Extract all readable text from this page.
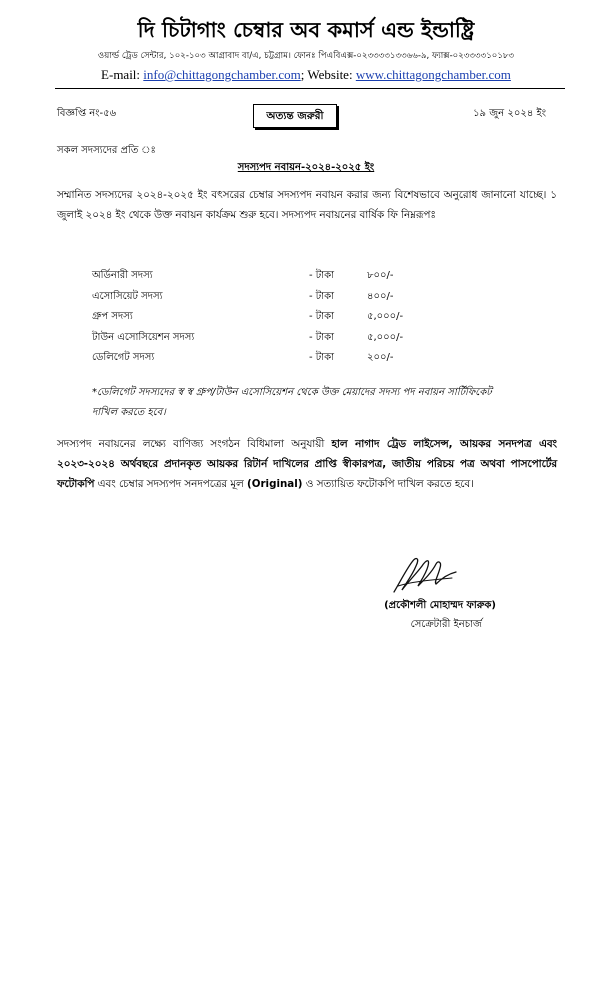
দি চিটাগাং চেম্বার অব কমার্স এন্ড ইন্ডাষ্ট্রি
ওয়ার্ল্ড ট্রেড সেন্টার, ১০২-১০৩ আগ্রাবাদ বা/এ, চট্টগ্রাম। ফোনঃ পিএবিএক্স-০২৩৩৩৩১৩৩৬৬-৯, ফ্যাক্স-০২৩৩৩৩১০১৮৩
E-mail: info@chittagongchamber.com; Website: www.chittagongchamber.com
বিজ্ঞপ্তি নং-৫৬	অত্যন্ত জরুরী	১৯ জুন ২০২৪ ইং
সকল সদস্যদের প্রতি ঃ
সদস্যপদ নবায়ন-২০২৪-২০২৫ ইং
সম্মানিত সদস্যদের ২০২৪-২০২৫ ইং বৎসরের চেম্বার সদস্যপদ নবায়ন করার জন্য বিশেষভাবে অনুরোধ জানানো যাচ্ছে। ১ জুলাই ২০২৪ ইং থেকে উক্ত নবায়ন কার্যক্রম শুরু হবে। সদস্যপদ নবায়নের বার্ষিক ফি নিম্নরূপঃ
অর্ডিনারী সদস্য	- টাকা	৮০০/-
এসোসিয়েট সদস্য	- টাকা	৪০০/-
গ্রুপ সদস্য	- টাকা	৫,০০০/-
টাউন এসোসিয়েশন সদস্য	- টাকা	৫,০০০/-
ডেলিগেট সদস্য	- টাকা	২০০/-
*ডেলিগেট সদস্যদের স্ব স্ব গ্রুপ/টাউন এসোসিয়েশন থেকে উক্ত মেয়াদের সদস্য পদ নবায়ন সার্টিফিকেট দাখিল করতে হবে।
সদস্যপদ নবায়নের লক্ষ্যে বাণিজ্য সংগঠন বিধিমালা অনুযায়ী হাল নাগাদ ট্রেড লাইসেন্স, আয়কর সনদপত্র এবং ২০২৩-২০২৪ অর্থবছরে প্রদানকৃত আয়কর রিটার্ন দাখিলের প্রাপ্তি স্বীকারপত্র, জাতীয় পরিচয় পত্র অথবা পাসপোর্টের ফটোকপি এবং চেম্বার সদস্যপদ সনদপত্রের মূল (Original) ও সত্যায়িত ফটোকপি দাখিল করতে হবে।
(প্রকৌশলী মোহাম্মদ ফারুক)
সেক্রেটারী ইনচার্জ
